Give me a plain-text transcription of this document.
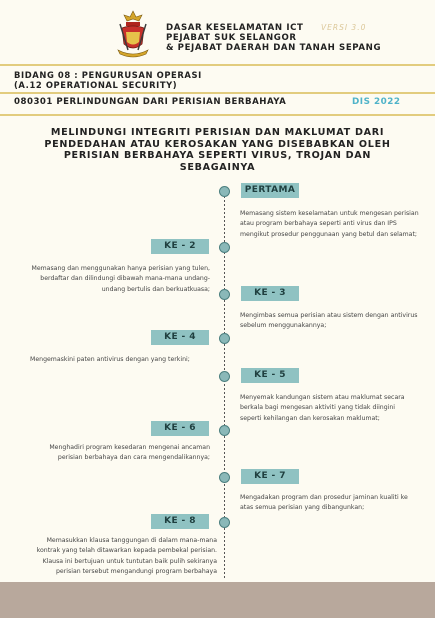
DASAR KESELAMATAN ICT VERSI 3.0
PEJABAT SUK SELANGOR
& PEJABAT DAERAH DAN TANAH SEPANG
BIDANG 08 : PENGURUSAN OPERASI
(A.12 OPERATIONAL SECURITY)
080301 PERLINDUNGAN DARI PERISIAN BERBAHAYA	DIS 2022
MELINDUNGI INTEGRITI PERISIAN DAN MAKLUMAT DARI PENDEDAHAN ATAU KEROSAKAN YANG DISEBABKAN OLEH PERISIAN BERBAHAYA SEPERTI VIRUS, TROJAN DAN SEBAGAINYA
PERTAMA
Memasang sistem keselamatan untuk mengesan perisian atau program berbahaya seperti anti virus dan IPS mengikut prosedur penggunaan yang betul dan selamat;
KE - 2
Memasang dan menggunakan hanya perisian yang tulen, berdaftar dan dilindungi dibawah mana-mana undang-undang bertulis dan berkuatkuasa;	KE - 3
Mengimbas semua perisian atau sistem dengan antivirus sebelum menggunakannya;
KE - 4
Mengemaskini paten antivirus dengan yang terkini;
KE - 5
Menyemak kandungan sistem atau maklumat secara berkala bagi mengesan aktiviti yang tidak diingini seperti kehilangan dan kerosakan maklumat;
KE - 6
Menghadiri program kesedaran mengenai ancaman perisian berbahaya dan cara mengendalikannya;
KE - 7
Mengadakan program dan prosedur jaminan kualiti ke atas semua perisian yang dibangunkan;
KE - 8
Memasukkan klausa tanggungan di dalam mana-mana kontrak yang telah ditawarkan kepada pembekal perisian. Klausa ini bertujuan untuk tuntutan baik pulih sekiranya perisian tersebut mengandungi program berbahaya
